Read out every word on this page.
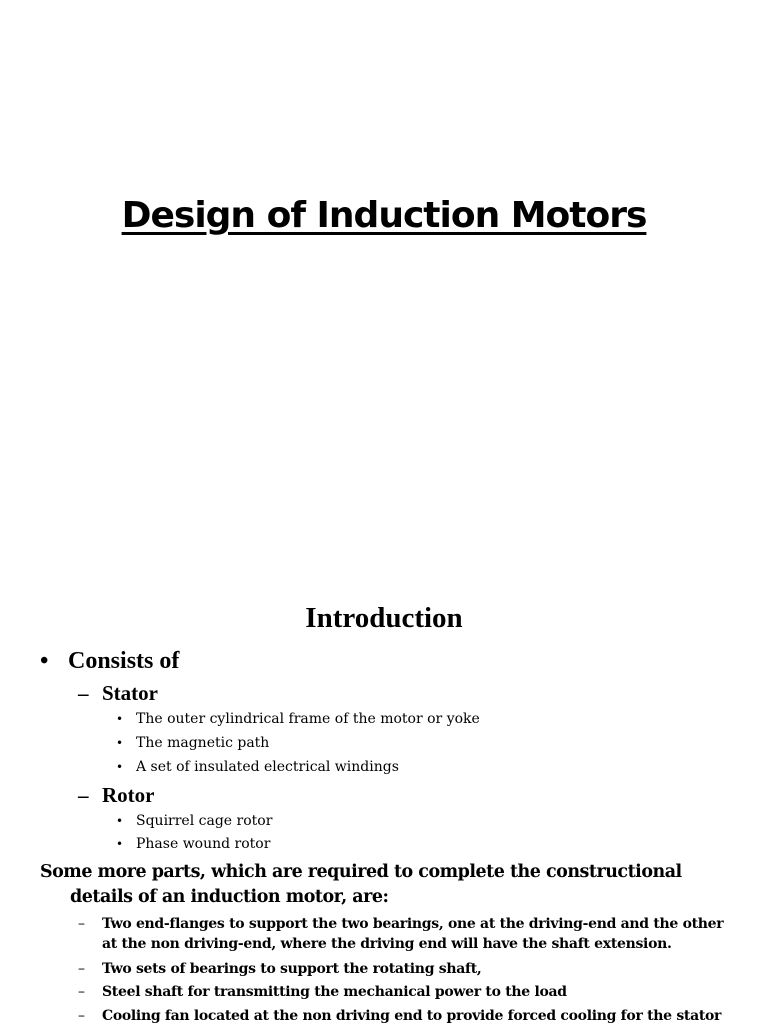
Design of Induction Motors
Introduction
• Consists of
– Stator
• The outer cylindrical frame of the motor or yoke
• The magnetic path
• A set of insulated electrical windings
– Rotor
• Squirrel cage rotor
• Phase wound rotor
Some more parts, which are required to complete the constructional
details of an induction motor, are:
–	Two end-flanges to support the two bearings, one at the driving-end and the other at the non driving-end, where the driving end will have the shaft extension.
–	Two sets of bearings to support the rotating shaft,
–	Steel shaft for transmitting the mechanical power to the load
–	Cooling fan located at the non driving end to provide forced cooling for the stator
